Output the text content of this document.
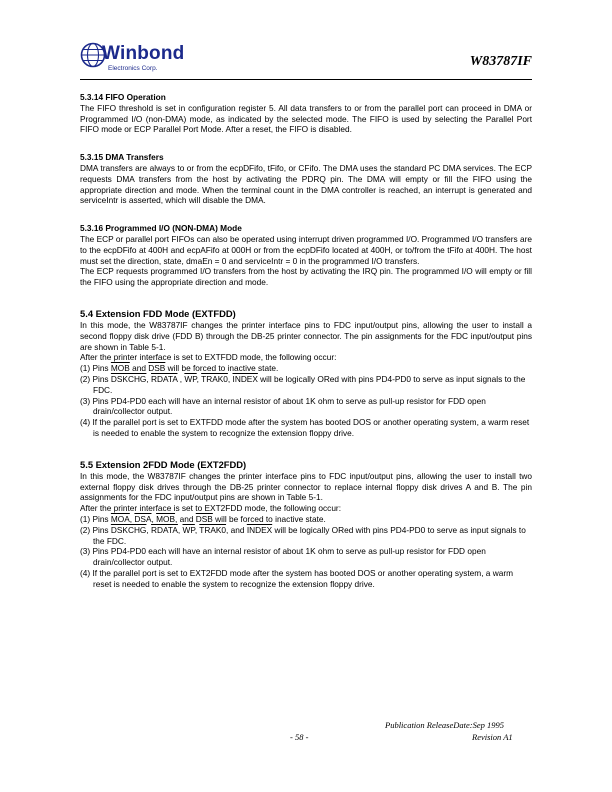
Winbond
Electronics Corp.	W83787IF

5.3.14 FIFO Operation

The FIFO threshold is set in configuration register 5. All data transfers to or from the parallel port can proceed in DMA or Programmed I/O (non-DMA) mode, as indicated by the selected mode. The FIFO is used by selecting the Parallel Port FIFO mode or ECP Parallel Port Mode. After a reset, the FIFO is disabled.

5.3.15 DMA Transfers

DMA transfers are always to or from the ecpDFifo, tFifo, or CFifo. The DMA uses the standard PC DMA services. The ECP requests DMA transfers from the host by activating the PDRQ pin. The DMA will empty or fill the FIFO using the appropriate direction and mode. When the terminal count in the DMA controller is reached, an interrupt is generated and serviceIntr is asserted, which will disable the DMA.

5.3.16 Programmed I/O (NON-DMA) Mode

The ECP or parallel port FIFOs can also be operated using interrupt driven programmed I/O. Programmed I/O transfers are to the ecpDFifo at 400H and ecpAFifo at 000H or from the ecpDFifo located at 400H, or to/from the tFifo at 400H. The host must set the direction, state, dmaEn = 0 and serviceIntr = 0 in the programmed I/O transfers.

The ECP requests programmed I/O transfers from the host by activating the IRQ pin. The programmed I/O will empty or fill the FIFO using the appropriate direction and mode.

5.4 Extension FDD Mode (EXTFDD)

In this mode, the W83787IF changes the printer interface pins to FDC input/output pins, allowing the user to install a second floppy disk drive (FDD B) through the DB-25 printer connector. The pin assignments for the FDC input/output pins are shown in Table 5-1.

After the printer interface is set to EXTFDD mode, the following occur:

(1) Pins $\overline{MOB}$ and $\overline{DSB}$ will be forced to inactive state.

(2) Pins DSKCHG, RDATA , $\overline{WP}$, TRAK0, INDEX will be logically ORed with pins PD4-PD0 to serve as input signals to the FDC.

(3) Pins PD4-PD0 each will have an internal resistor of about 1K ohm to serve as pull-up resistor for FDD open drain/collector output.

(4) If the parallel port is set to EXTFDD mode after the system has booted DOS or another operating system, a warm reset is needed to enable the system to recognize the extension floppy drive.

5.5 Extension 2FDD Mode (EXT2FDD)

In this mode, the W83787IF changes the printer interface pins to FDC input/output pins, allowing the user to install two external floppy disk drives through the DB-25 printer connector to replace internal floppy disk drives A and B. The pin assignments for the FDC input/output pins are shown in Table 5-1.

After the printer interface is set to EXT2FDD mode, the following occur:

(1) Pins $\overline{MOA}$, $\overline{DSA}$, $\overline{MOB}$, and $\overline{DSB}$ will be forced to inactive state.

(2) Pins DSKCHG, RDATA, $\overline{WP}$, TRAK0, and INDEX will be logically ORed with pins PD4-PD0 to serve as input signals to the FDC.

(3) Pins PD4-PD0 each will have an internal resistor of about 1K ohm to serve as pull-up resistor for FDD open drain/collector output.

(4) If the parallel port is set to EXT2FDD mode after the system has booted DOS or another operating system, a warm reset is needed to enable the system to recognize the extension floppy drive.

Publication ReleaseDate:Sep 1995
- 58 -	Revision A1
